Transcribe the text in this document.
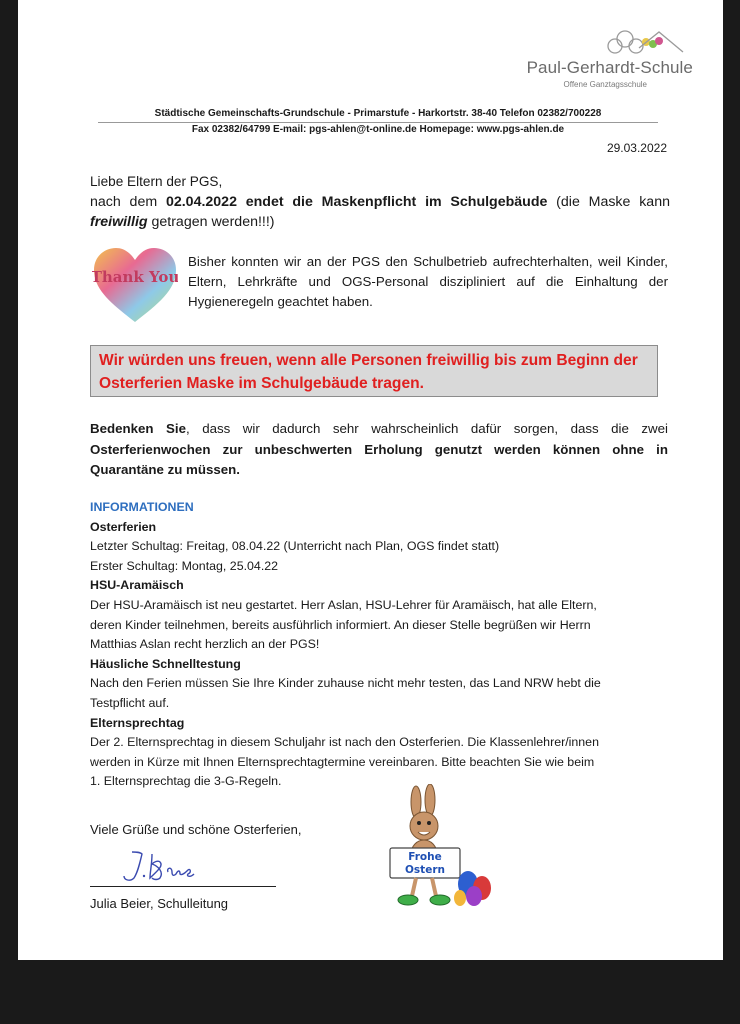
Paul-Gerhardt-Schule
Offene Ganztagsschule
Städtische Gemeinschafts-Grundschule - Primarstufe - Harkortstr. 38-40 Telefon 02382/700228
Fax 02382/64799 E-mail: pgs-ahlen@t-online.de Homepage: www.pgs-ahlen.de
29.03.2022
Liebe Eltern der PGS,
nach dem 02.04.2022 endet die Maskenpflicht im Schulgebäude (die Maske kann freiwillig getragen werden!!!)
Thank You
Bisher konnten wir an der PGS den Schulbetrieb aufrechterhalten, weil Kinder, Eltern, Lehrkräfte und OGS-Personal diszipliniert auf die Einhaltung der Hygieneregeln geachtet haben.
Wir würden uns freuen, wenn alle Personen freiwillig bis zum Beginn der Osterferien Maske im Schulgebäude tragen.
Bedenken Sie, dass wir dadurch sehr wahrscheinlich dafür sorgen, dass die zwei Osterferienwochen zur unbeschwerten Erholung genutzt werden können ohne in Quarantäne zu müssen.
INFORMATIONEN
Osterferien
Letzter Schultag: Freitag, 08.04.22 (Unterricht nach Plan, OGS findet statt)
Erster Schultag: Montag, 25.04.22
HSU-Aramäisch
Der HSU-Aramäisch ist neu gestartet. Herr Aslan, HSU-Lehrer für Aramäisch, hat alle Eltern,
deren Kinder teilnehmen, bereits ausführlich informiert. An dieser Stelle begrüßen wir Herrn
Matthias Aslan recht herzlich an der PGS!
Häusliche Schnelltestung
Nach den Ferien müssen Sie Ihre Kinder zuhause nicht mehr testen, das Land NRW hebt die
Testpflicht auf.
Elternsprechtag
Der 2. Elternsprechtag in diesem Schuljahr ist nach den Osterferien. Die Klassenlehrer/innen
werden in Kürze mit Ihnen Elternsprechtagtermine vereinbaren. Bitte beachten Sie wie beim
1. Elternsprechtag die 3-G-Regeln.
Viele Grüße und schöne Osterferien,
Julia Beier, Schulleitung
Frohe
Ostern
